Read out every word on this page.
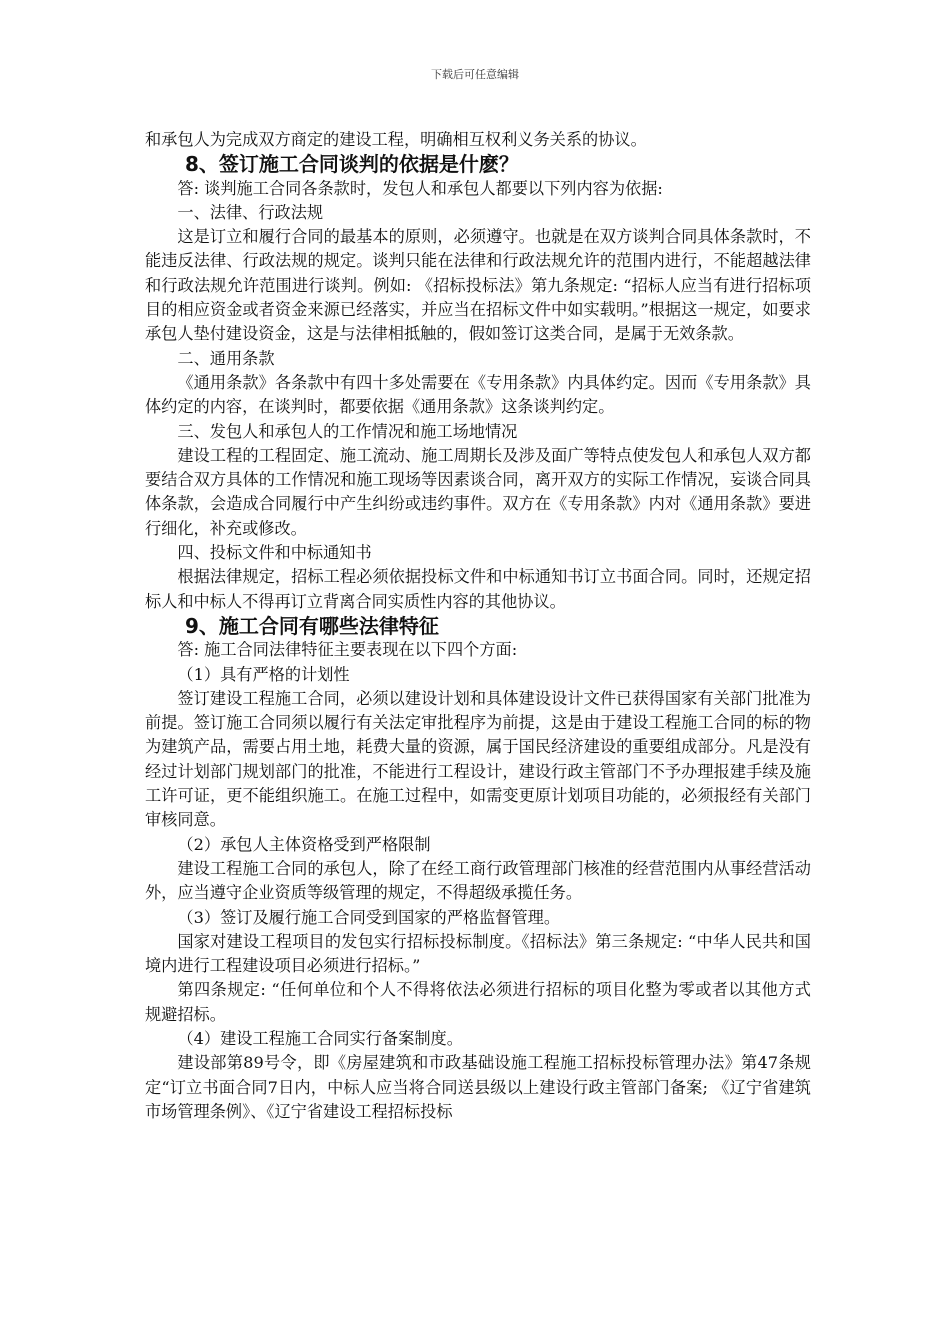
下载后可任意编辑

和承包人为完成双方商定的建设工程，明确相互权利义务关系的协议。

8、签订施工合同谈判的依据是什麽？

答: 谈判施工合同各条款时，发包人和承包人都要以下列内容为依据:

一、法律、行政法规

这是订立和履行合同的最基本的原则，必须遵守。也就是在双方谈判合同具体条款时，不能违反法律、行政法规的规定。谈判只能在法律和行政法规允许的范围内进行，不能超越法律和行政法规允许范围进行谈判。例如: 《招标投标法》第九条规定: “招标人应当有进行招标项目的相应资金或者资金来源已经落实，并应当在招标文件中如实载明。”根据这一规定，如要求承包人垫付建设资金，这是与法律相抵触的，假如签订这类合同，是属于无效条款。

二、通用条款

《通用条款》各条款中有四十多处需要在《专用条款》内具体约定。因而《专用条款》具体约定的内容，在谈判时，都要依据《通用条款》这条谈判约定。

三、发包人和承包人的工作情况和施工场地情况

建设工程的工程固定、施工流动、施工周期长及涉及面广等特点使发包人和承包人双方都要结合双方具体的工作情况和施工现场等因素谈合同，离开双方的实际工作情况，妄谈合同具体条款，会造成合同履行中产生纠纷或违约事件。双方在《专用条款》内对《通用条款》要进行细化，补充或修改。

四、投标文件和中标通知书

根据法律规定，招标工程必须依据投标文件和中标通知书订立书面合同。同时，还规定招标人和中标人不得再订立背离合同实质性内容的其他协议。

9、施工合同有哪些法律特征

答: 施工合同法律特征主要表现在以下四个方面:

（1）具有严格的计划性

签订建设工程施工合同，必须以建设计划和具体建设设计文件已获得国家有关部门批准为前提。签订施工合同须以履行有关法定审批程序为前提，这是由于建设工程施工合同的标的物为建筑产品，需要占用土地，耗费大量的资源，属于国民经济建设的重要组成部分。凡是没有经过计划部门规划部门的批准，不能进行工程设计，建设行政主管部门不予办理报建手续及施工许可证，更不能组织施工。在施工过程中，如需变更原计划项目功能的，必须报经有关部门审核同意。

（2）承包人主体资格受到严格限制

建设工程施工合同的承包人，除了在经工商行政管理部门核准的经营范围内从事经营活动外，应当遵守企业资质等级管理的规定，不得超级承揽任务。

（3）签订及履行施工合同受到国家的严格监督管理。

国家对建设工程项目的发包实行招标投标制度。《招标法》第三条规定: “中华人民共和国境内进行工程建设项目必须进行招标。”

第四条规定: “任何单位和个人不得将依法必须进行招标的项目化整为零或者以其他方式规避招标。

（4）建设工程施工合同实行备案制度。

建设部第89号令，即《房屋建筑和市政基础设施工程施工招标投标管理办法》第47条规定“订立书面合同7日内，中标人应当将合同送县级以上建设行政主管部门备案; 《辽宁省建筑市场管理条例》、《辽宁省建设工程招标投标
